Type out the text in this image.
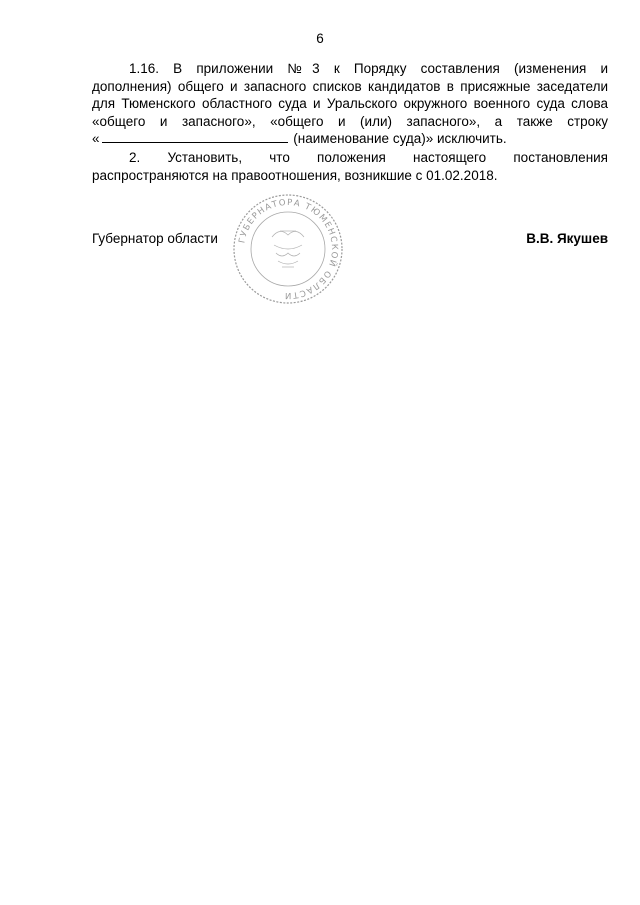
6
1.16. В приложении №3 к Порядку составления (изменения и
дополнения) общего и запасного списков кандидатов в присяжные заседатели
для Тюменского областного суда и Уральского окружного военного суда слова
«общего и запасного», «общего и (или) запасного», а также строку
«	(наименование суда)» исключить.
2. Установить, что положения настоящего постановления
распространяются на правоотношения, возникшие с 01.02.2018.
ГУБЕРНАТОРА ТЮМЕНСКОЙ ОБЛАСТИ
Губернатор области	В.В. Якушев
